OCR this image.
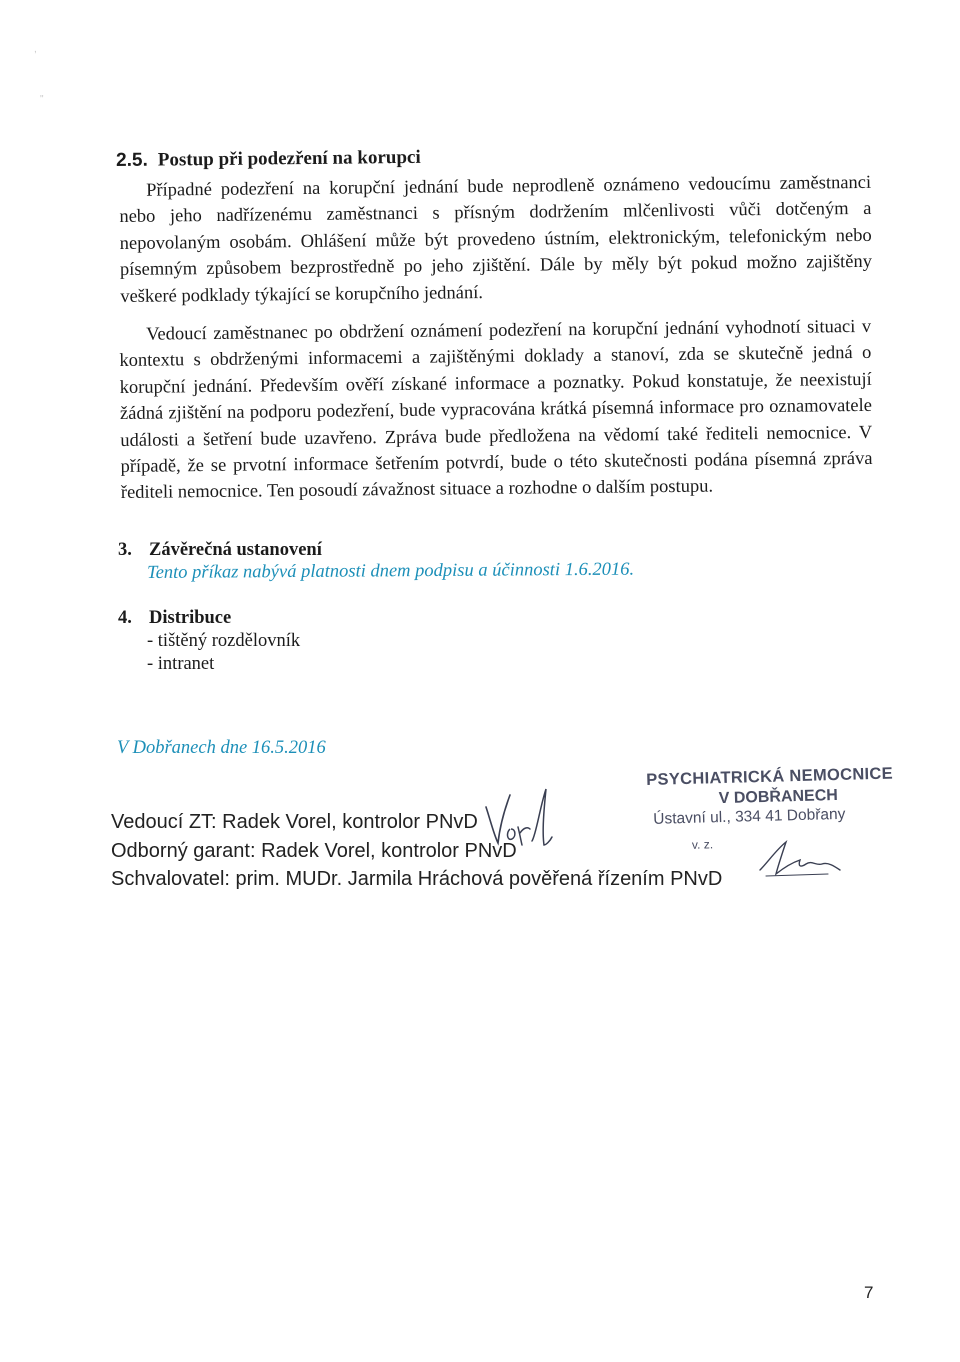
,
"
2.5. Postup při podezření na korupci

Případné podezření na korupční jednání bude neprodleně oznámeno vedoucímu zaměstnanci nebo jeho nadřízenému zaměstnanci s přísným dodržením mlčenlivosti vůči dotčeným a nepovolaným osobám. Ohlášení může být provedeno ústním, elektronickým, telefonickým nebo písemným způsobem bezprostředně po jeho zjištění. Dále by měly být pokud možno zajištěny veškeré podklady týkající se korupčního jednání.

Vedoucí zaměstnanec po obdržení oznámení podezření na korupční jednání vyhodnotí situaci v kontextu s obdrženými informacemi a zajištěnými doklady a stanoví, zda se skutečně jedná o korupční jednání. Především ověří získané informace a poznatky. Pokud konstatuje, že neexistují žádná zjištění na podporu podezření, bude vypracována krátká písemná informace pro oznamovatele události a šetření bude uzavřeno. Zpráva bude předložena na vědomí také řediteli nemocnice. V případě, že se prvotní informace šetřením potvrdí, bude o této skutečnosti podána písemná zpráva řediteli nemocnice. Ten posoudí závažnost situace a rozhodne o dalším postupu.

3. Závěrečná ustanovení
Tento příkaz nabývá platnosti dnem podpisu a účinnosti 1.6.2016.
4. Distribuce
- tištěný rozdělovník
- intranet
V Dobřanech dne 16.5.2016
Vedoucí ZT: Radek Vorel, kontrolor PNvD
Odborný garant: Radek Vorel, kontrolor PNvD
Schvalovatel: prim. MUDr. Jarmila Hráchová pověřená řízením PNvD
PSYCHIATRICKÁ NEMOCNICE
V DOBŘANECH
Ústavní ul., 334 41 Dobřany
v. z.
7
